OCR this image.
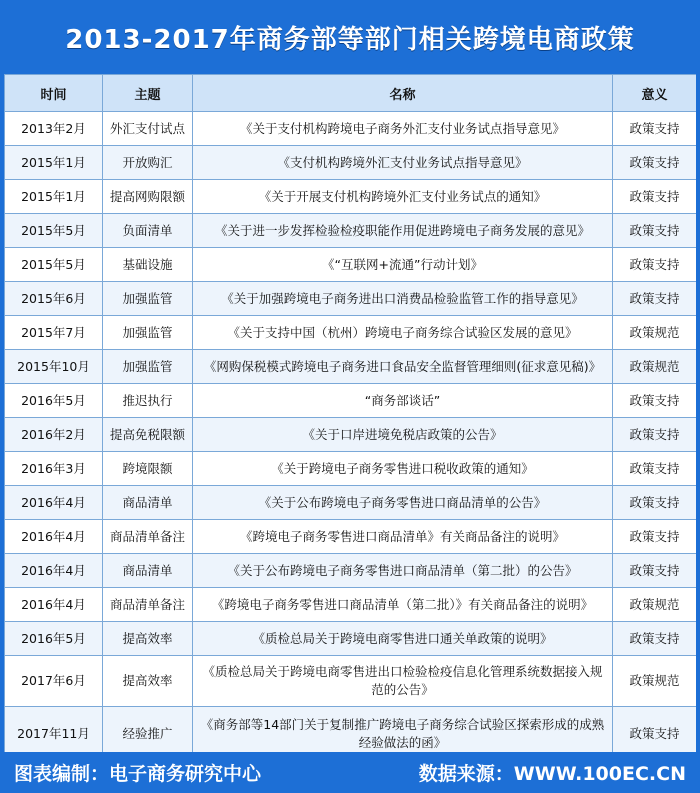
2013-2017年商务部等部门相关跨境电商政策
时间	主题	名称	意义
2013年2月	外汇支付试点	《关于支付机构跨境电子商务外汇支付业务试点指导意见》	政策支持
2015年1月	开放购汇	《支付机构跨境外汇支付业务试点指导意见》	政策支持
2015年1月	提高网购限额	《关于开展支付机构跨境外汇支付业务试点的通知》	政策支持
2015年5月	负面清单	《关于进一步发挥检验检疫职能作用促进跨境电子商务发展的意见》	政策支持
2015年5月	基础设施	《“互联网+流通”行动计划》	政策支持
2015年6月	加强监管	《关于加强跨境电子商务进出口消费品检验监管工作的指导意见》	政策支持
2015年7月	加强监管	《关于支持中国（杭州）跨境电子商务综合试验区发展的意见》	政策规范
2015年10月	加强监管	《网购保税模式跨境电子商务进口食品安全监督管理细则(征求意见稿)》	政策规范
2016年5月	推迟执行	“商务部谈话”	政策支持
2016年2月	提高免税限额	《关于口岸进境免税店政策的公告》	政策支持
2016年3月	跨境限额	《关于跨境电子商务零售进口税收政策的通知》	政策支持
2016年4月	商品清单	《关于公布跨境电子商务零售进口商品清单的公告》	政策支持
2016年4月	商品清单备注	《跨境电子商务零售进口商品清单》有关商品备注的说明》	政策支持
2016年4月	商品清单	《关于公布跨境电子商务零售进口商品清单（第二批）的公告》	政策支持
2016年4月	商品清单备注	《跨境电子商务零售进口商品清单（第二批）》有关商品备注的说明》	政策规范
2016年5月	提高效率	《质检总局关于跨境电商零售进口通关单政策的说明》	政策支持
2017年6月	提高效率	《质检总局关于跨境电商零售进出口检验检疫信息化管理系统数据接入规范的公告》	政策规范
2017年11月	经验推广	《商务部等14部门关于复制推广跨境电子商务综合试验区探索形成的成熟经验做法的函》	政策支持
图表编制：电子商务研究中心	数据来源：WWW.100EC.CN
